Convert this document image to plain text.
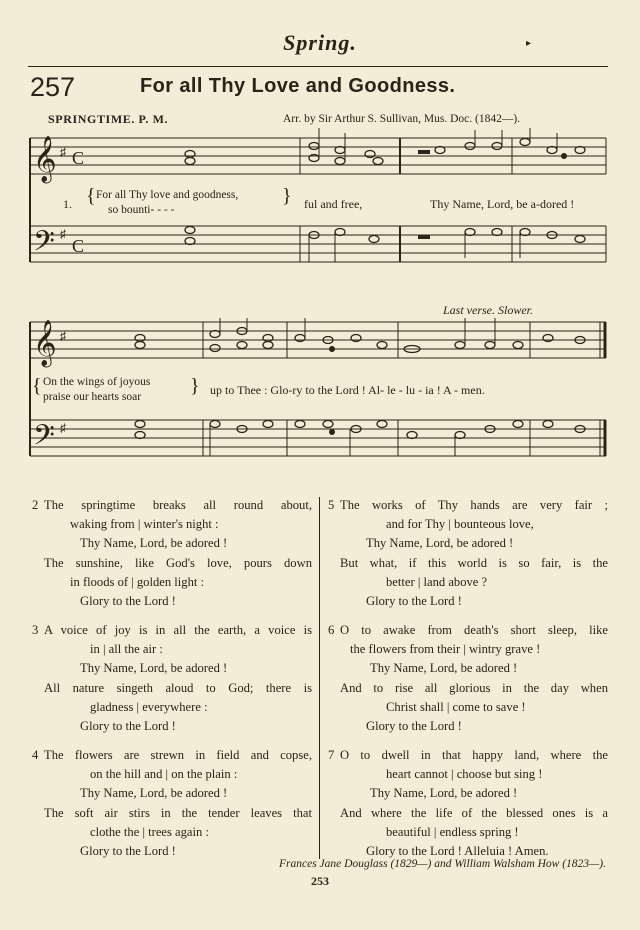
Spring.	▸
257	For all Thy Love and Goodness.
SPRINGTIME. P. M.	Arr. by Sir Arthur S. Sullivan, Mus. Doc. (1842—).
𝄞 ♯ C
𝄢 ♯
C
1. { For all Thy love and goodness,
so bounti- - - -
} ful and free,	Thy Name, Lord, be a-dored !
Last verse. Slower.
𝄞 ♯
𝄢 ♯
{ On the wings of joyous
praise our hearts soar } up to Thee : Glo-ry to the Lord ! Al- le - lu - ia ! A - men.
2 The springtime breaks all round about,
waking from | winter's night :
Thy Name, Lord, be adored !
The sunshine, like God's love, pours down
in floods of | golden light :
Glory to the Lord !
3 A voice of joy is in all the earth, a voice is
in | all the air :
Thy Name, Lord, be adored !
All nature singeth aloud to God; there is
gladness | everywhere :
Glory to the Lord !
4 The flowers are strewn in field and copse,
on the hill and | on the plain :
Thy Name, Lord, be adored !
The soft air stirs in the tender leaves that
clothe the | trees again :
Glory to the Lord !
5 The works of Thy hands are very fair ;
and for Thy | bounteous love,
Thy Name, Lord, be adored !
But what, if this world is so fair, is the
better | land above ?
Glory to the Lord !
6 O to awake from death's short sleep, like
the flowers from their | wintry grave !
Thy Name, Lord, be adored !
And to rise all glorious in the day when
Christ shall | come to save !
Glory to the Lord !
7 O to dwell in that happy land, where the
heart cannot | choose but sing !
Thy Name, Lord, be adored !
And where the life of the blessed ones is a
beautiful | endless spring !
Glory to the Lord ! Alleluia ! Amen.
Frances Jane Douglass (1829—) and William Walsham How (1823—).
253
